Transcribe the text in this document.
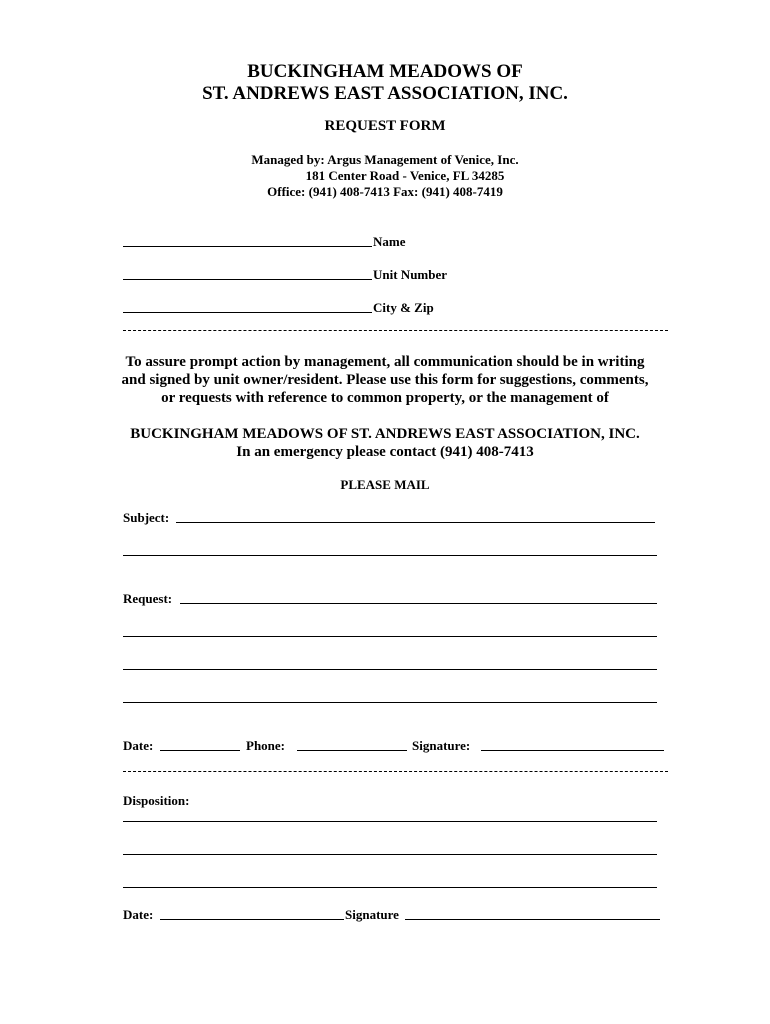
BUCKINGHAM MEADOWS OF
ST. ANDREWS EAST ASSOCIATION, INC.
REQUEST FORM
Managed by: Argus Management of Venice, Inc.
181 Center Road - Venice, FL 34285
Office: (941) 408-7413 Fax: (941) 408-7419
Name
Unit Number
City & Zip
To assure prompt action by management, all communication should be in writing
and signed by unit owner/resident. Please use this form for suggestions, comments,
or requests with reference to common property, or the management of
BUCKINGHAM MEADOWS OF ST. ANDREWS EAST ASSOCIATION, INC.
In an emergency please contact (941) 408-7413
PLEASE MAIL
Subject:
Request:
Date:	Phone:	Signature:
Disposition:
Date:	Signature
